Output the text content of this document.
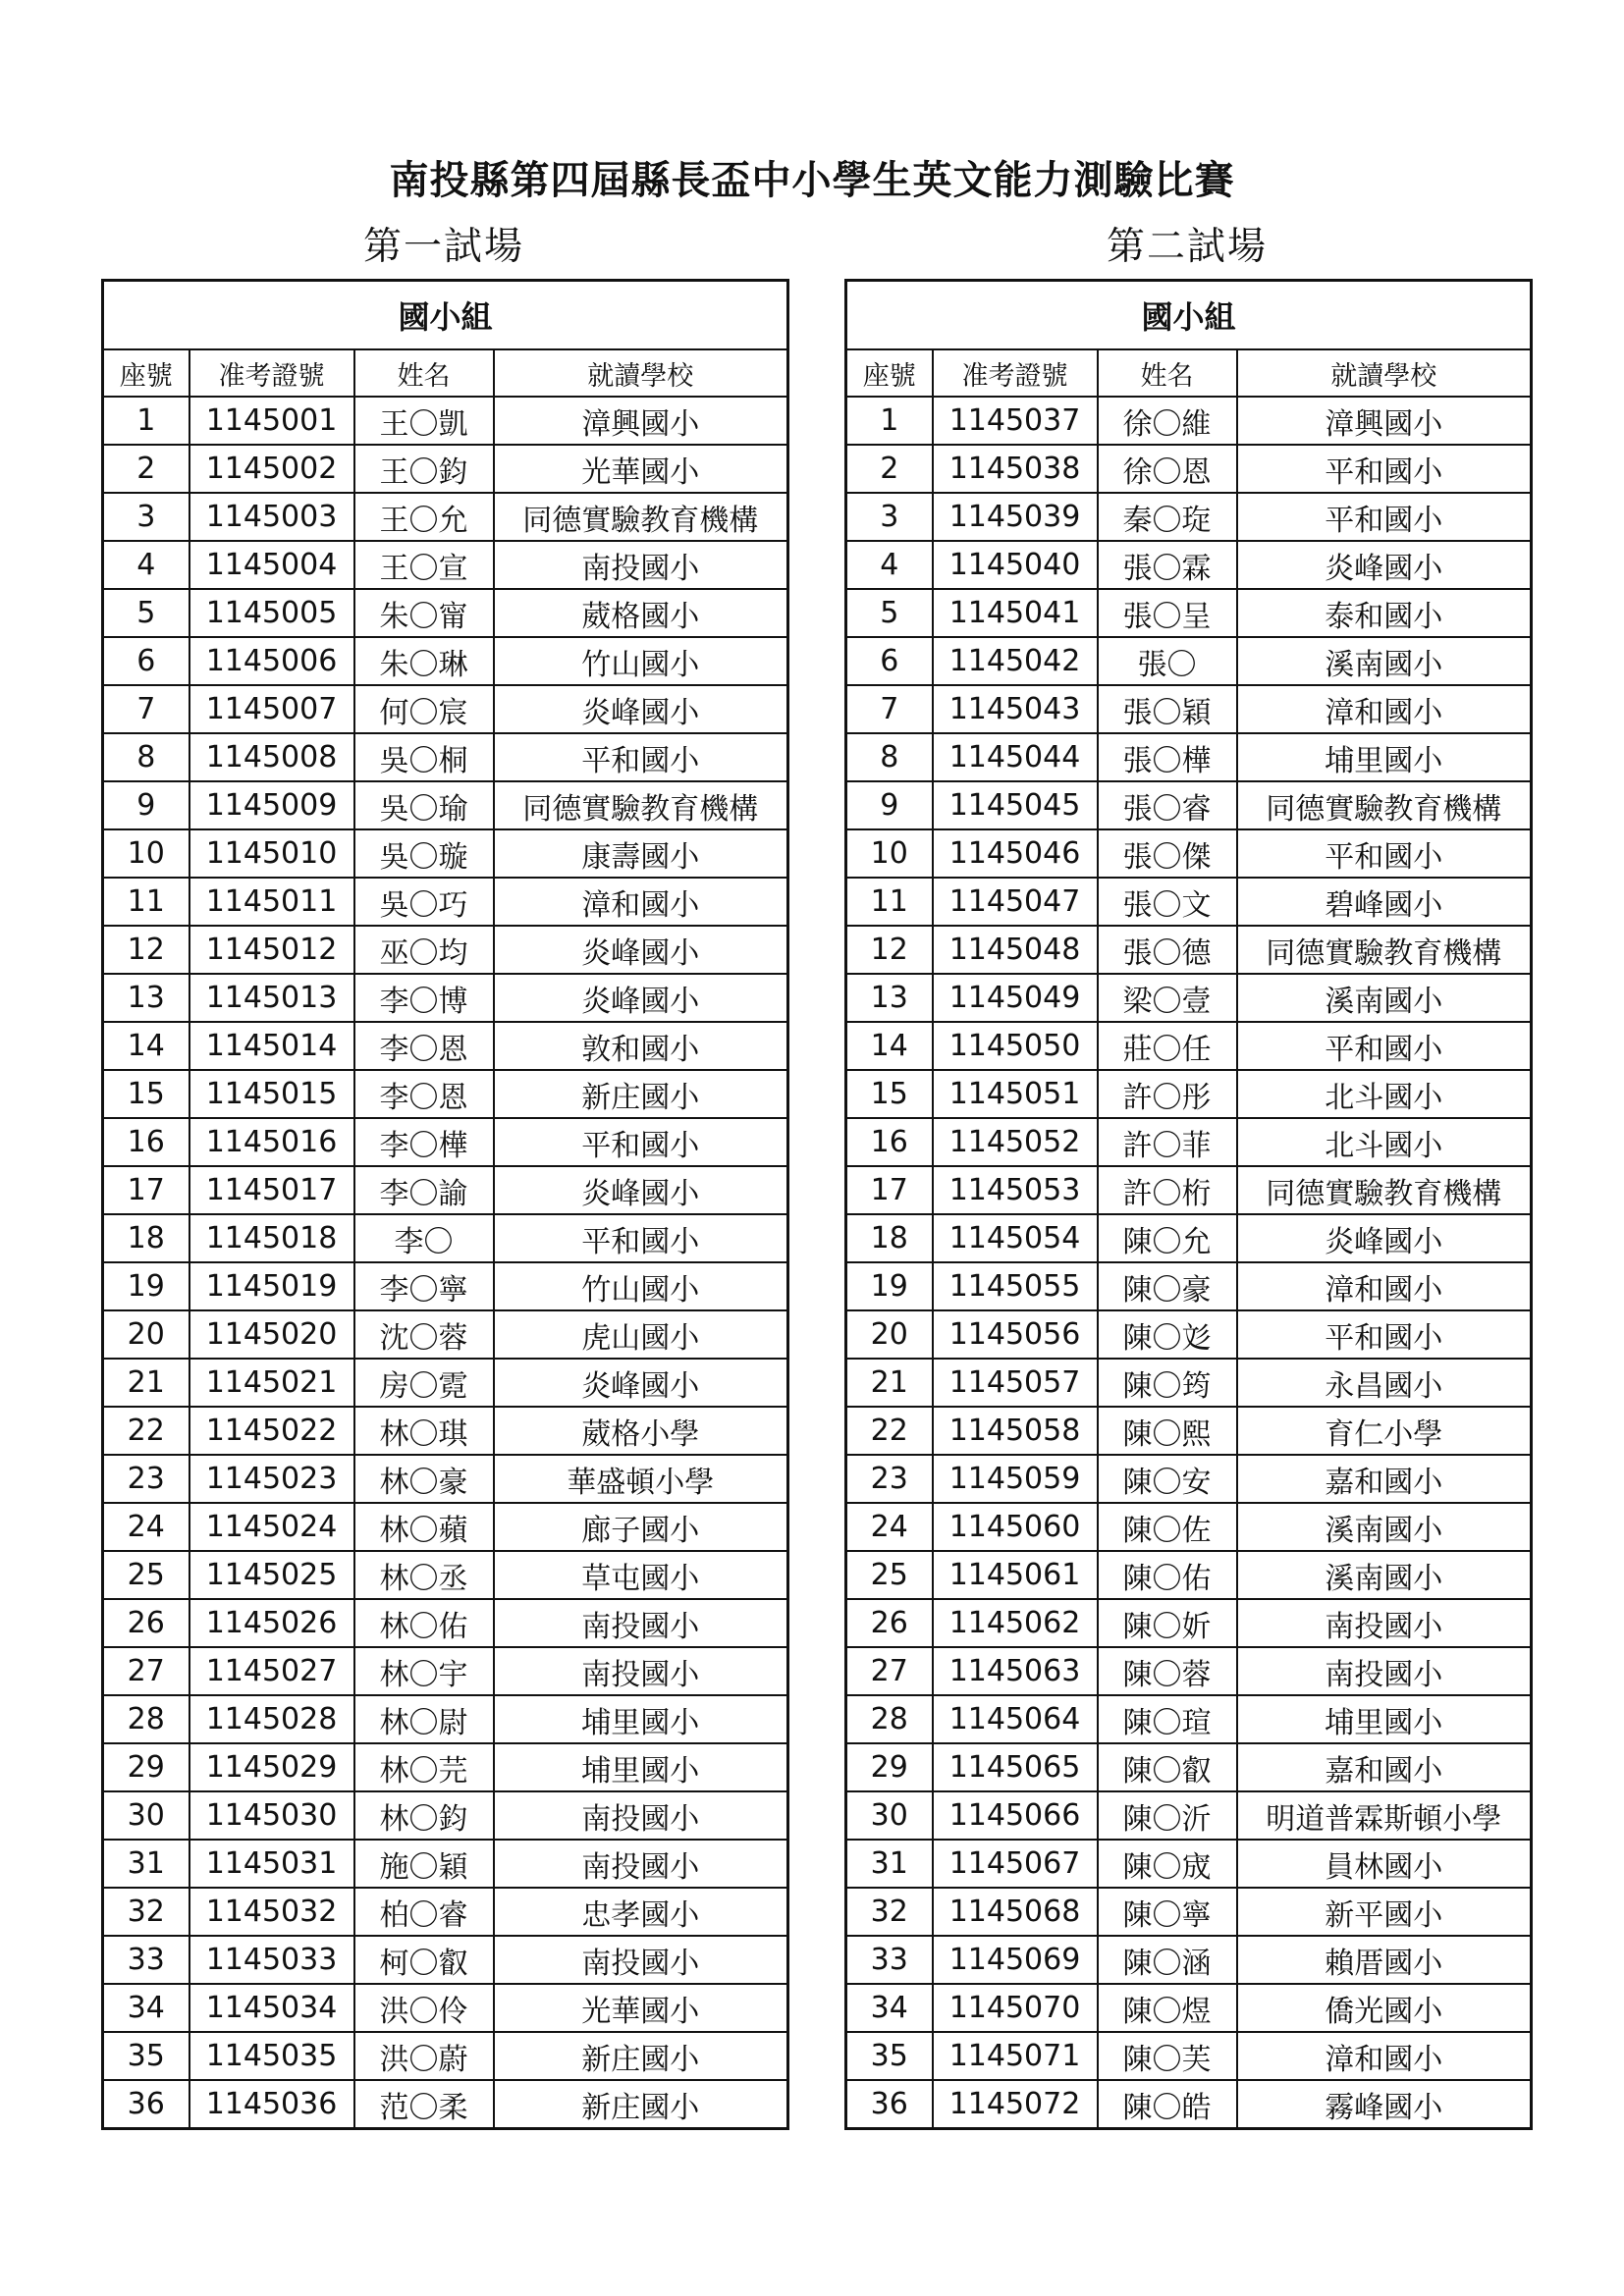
南投縣第四屆縣長盃中小學生英文能力測驗比賽
第一試場	第二試場
國小組			
座號	准考證號	姓名	就讀學校
1	1145001	王〇凱	漳興國小
2	1145002	王〇鈞	光華國小
3	1145003	王〇允	同德實驗教育機構
4	1145004	王〇宣	南投國小
5	1145005	朱〇甯	葳格國小
6	1145006	朱〇琳	竹山國小
7	1145007	何〇宸	炎峰國小
8	1145008	吳〇桐	平和國小
9	1145009	吳〇瑜	同德實驗教育機構
10	1145010	吳〇璇	康壽國小
11	1145011	吳〇巧	漳和國小
12	1145012	巫〇均	炎峰國小
13	1145013	李〇博	炎峰國小
14	1145014	李〇恩	敦和國小
15	1145015	李〇恩	新庄國小
16	1145016	李〇樺	平和國小
17	1145017	李〇諭	炎峰國小
18	1145018	李〇	平和國小
19	1145019	李〇寧	竹山國小
20	1145020	沈〇蓉	虎山國小
21	1145021	房〇霓	炎峰國小
22	1145022	林〇琪	葳格小學
23	1145023	林〇豪	華盛頓小學
24	1145024	林〇蘋	廊子國小
25	1145025	林〇丞	草屯國小
26	1145026	林〇佑	南投國小
27	1145027	林〇宇	南投國小
28	1145028	林〇尉	埔里國小
29	1145029	林〇芫	埔里國小
30	1145030	林〇鈞	南投國小
31	1145031	施〇穎	南投國小
32	1145032	柏〇睿	忠孝國小
33	1145033	柯〇叡	南投國小
34	1145034	洪〇伶	光華國小
35	1145035	洪〇蔚	新庄國小
36	1145036	范〇柔	新庄國小
國小組			
座號	准考證號	姓名	就讀學校
1	1145037	徐〇維	漳興國小
2	1145038	徐〇恩	平和國小
3	1145039	秦〇琁	平和國小
4	1145040	張〇霖	炎峰國小
5	1145041	張〇呈	泰和國小
6	1145042	張〇	溪南國小
7	1145043	張〇穎	漳和國小
8	1145044	張〇樺	埔里國小
9	1145045	張〇睿	同德實驗教育機構
10	1145046	張〇傑	平和國小
11	1145047	張〇文	碧峰國小
12	1145048	張〇德	同德實驗教育機構
13	1145049	梁〇壹	溪南國小
14	1145050	莊〇任	平和國小
15	1145051	許〇彤	北斗國小
16	1145052	許〇菲	北斗國小
17	1145053	許〇桁	同德實驗教育機構
18	1145054	陳〇允	炎峰國小
19	1145055	陳〇豪	漳和國小
20	1145056	陳〇彣	平和國小
21	1145057	陳〇筠	永昌國小
22	1145058	陳〇熙	育仁小學
23	1145059	陳〇安	嘉和國小
24	1145060	陳〇佐	溪南國小
25	1145061	陳〇佑	溪南國小
26	1145062	陳〇妡	南投國小
27	1145063	陳〇蓉	南投國小
28	1145064	陳〇瑄	埔里國小
29	1145065	陳〇叡	嘉和國小
30	1145066	陳〇沂	明道普霖斯頓小學
31	1145067	陳〇宬	員林國小
32	1145068	陳〇寧	新平國小
33	1145069	陳〇涵	賴厝國小
34	1145070	陳〇煜	僑光國小
35	1145071	陳〇芙	漳和國小
36	1145072	陳〇皓	霧峰國小
